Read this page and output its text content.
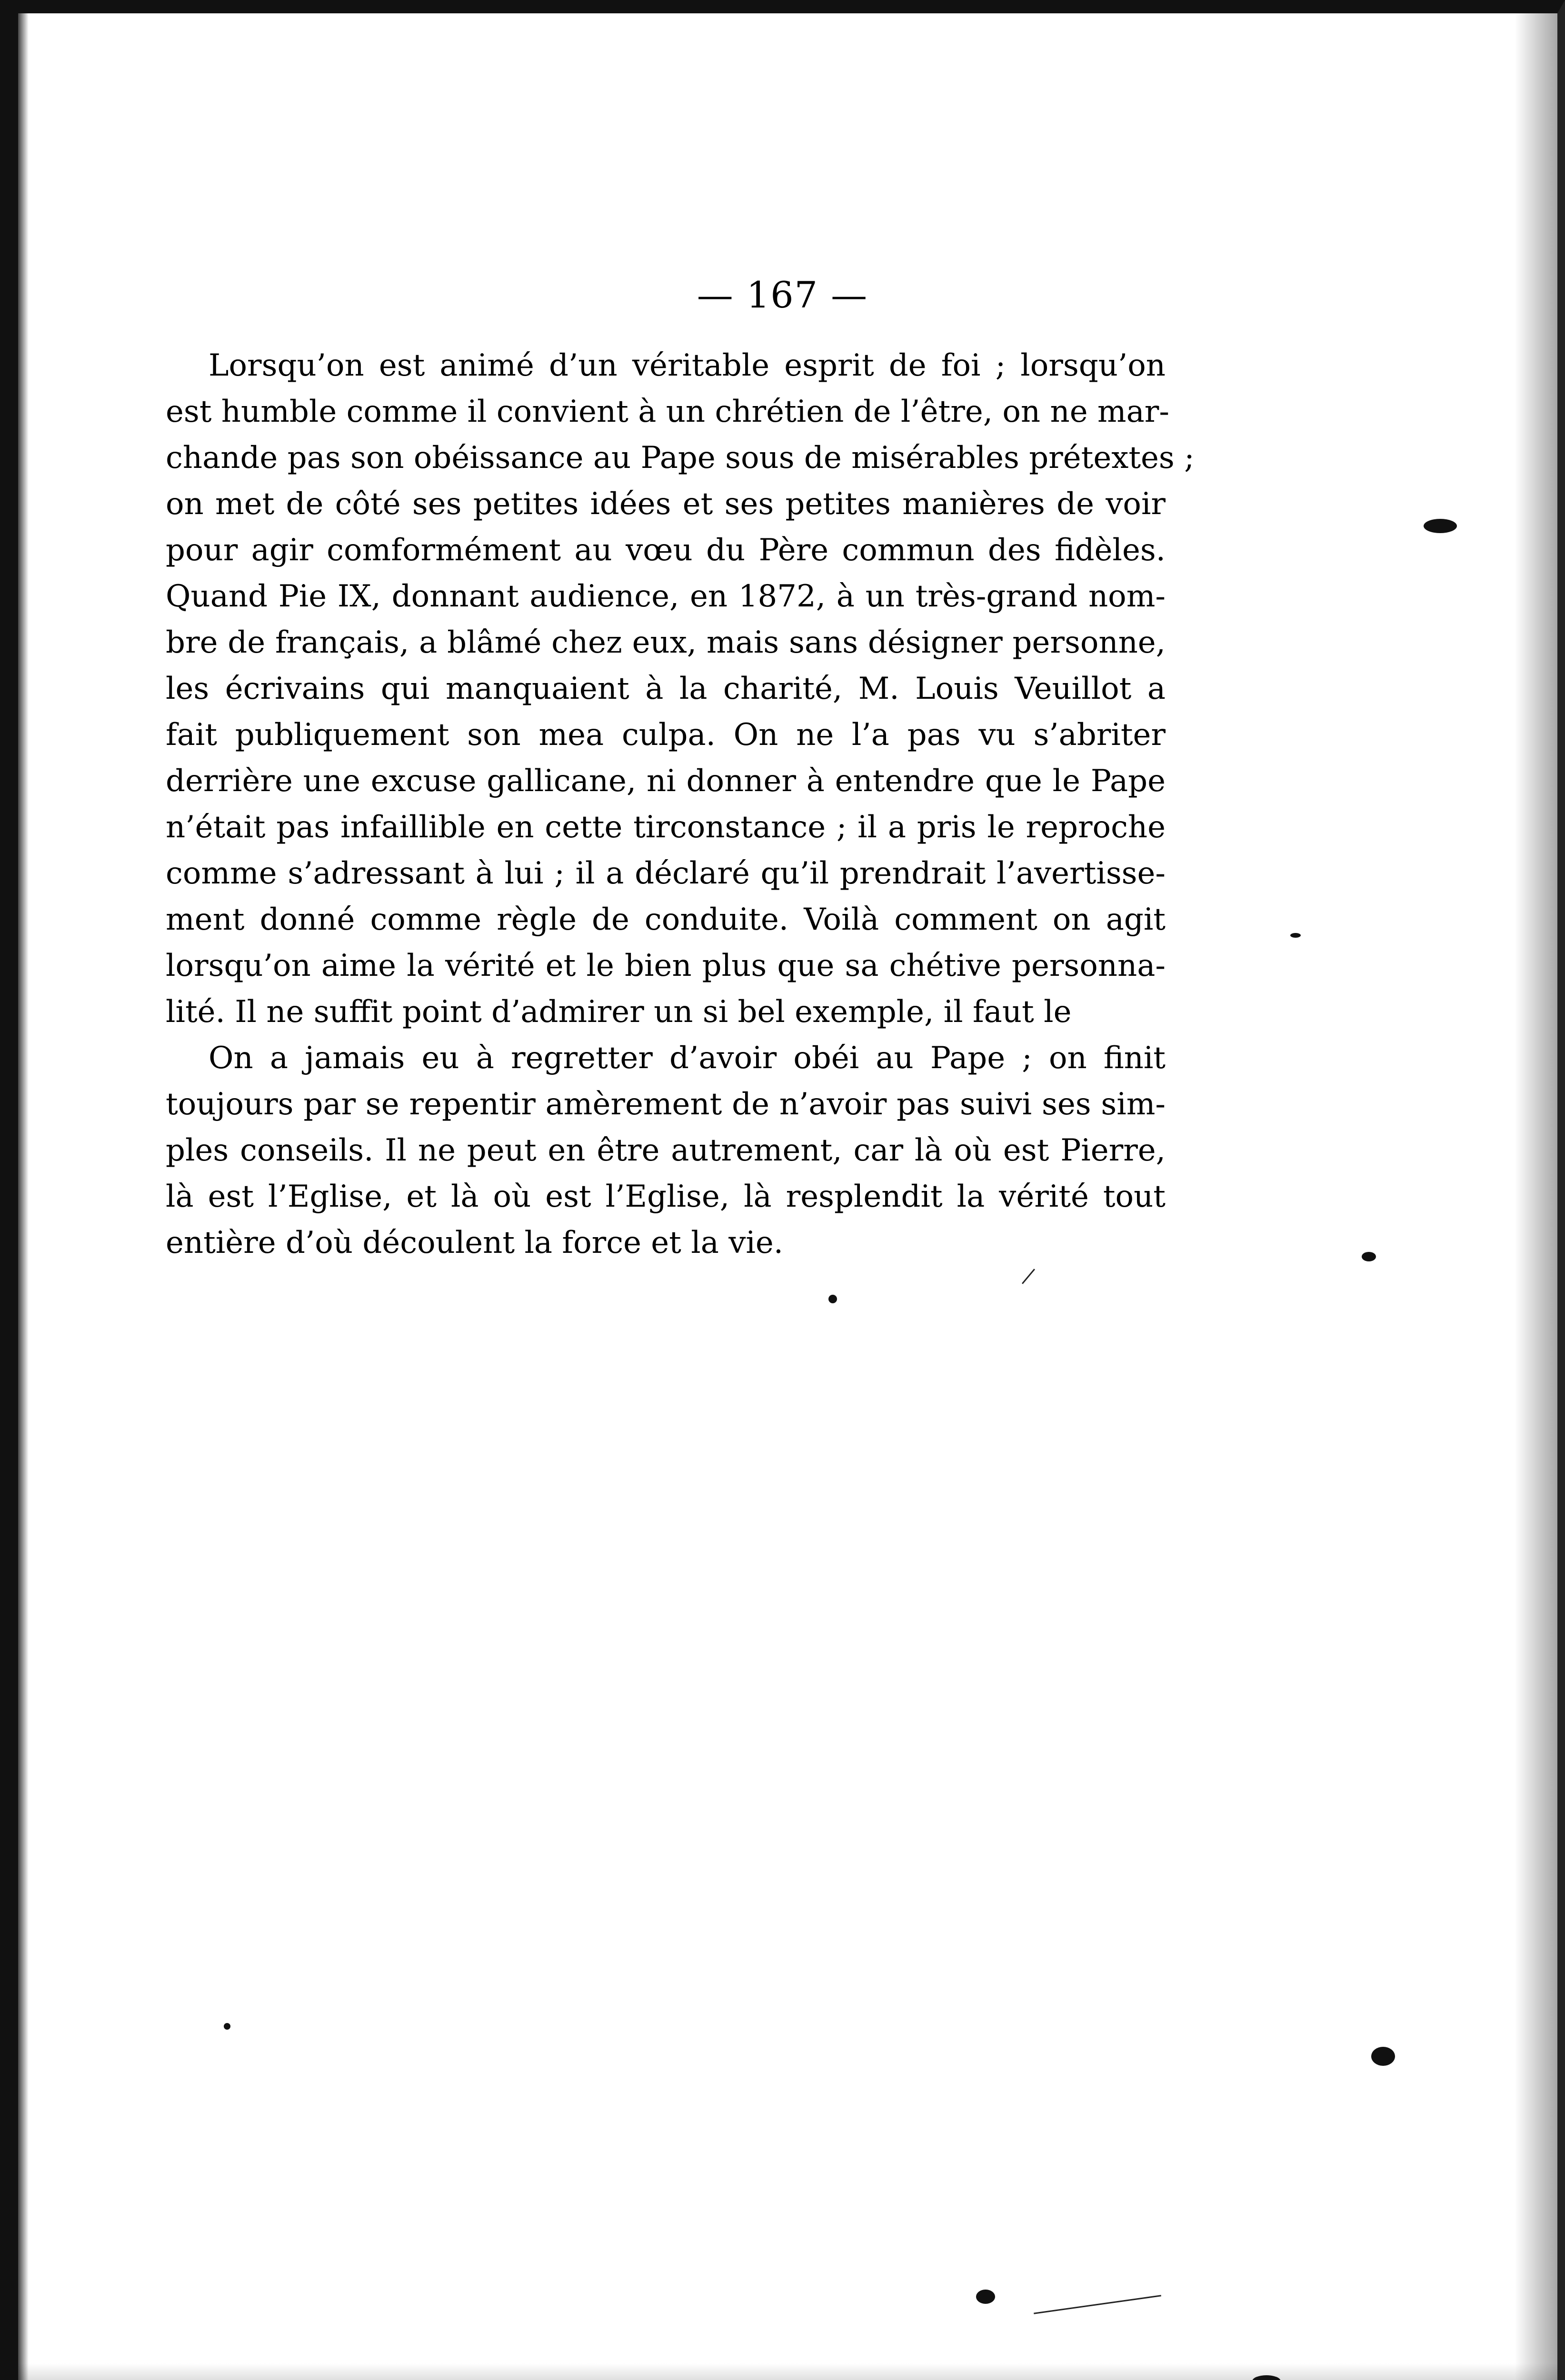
— 167 —
Lorsqu’on est animé d’un véritable esprit de foi ; lorsqu’on
est humble comme il convient à un chrétien de l’être, on ne mar-
chande pas son obéissance au Pape sous de misérables prétextes ;
on met de côté ses petites idées et ses petites manières de voir
pour agir comformément au vœu du Père commun des fidèles.
Quand Pie IX, donnant audience, en 1872, à un très-grand nom-
bre de français, a blâmé chez eux, mais sans désigner personne,
les écrivains qui manquaient à la charité, M. Louis Veuillot a
fait publiquement son mea culpa. On ne l’a pas vu s’abriter
derrière une excuse gallicane, ni donner à entendre que le Pape
n’était pas infaillible en cette tirconstance ; il a pris le reproche
comme s’adressant à lui ; il a déclaré qu’il prendrait l’avertisse-
ment donné comme règle de conduite. Voilà comment on agit
lorsqu’on aime la vérité et le bien plus que sa chétive personna-
lité. Il ne suffit point d’admirer un si bel exemple, il faut le
On a jamais eu à regretter d’avoir obéi au Pape ; on finit
toujours par se repentir amèrement de n’avoir pas suivi ses sim-
ples conseils. Il ne peut en être autrement, car là où est Pierre,
là est l’Eglise, et là où est l’Eglise, là resplendit la vérité tout
entière d’où découlent la force et la vie.
